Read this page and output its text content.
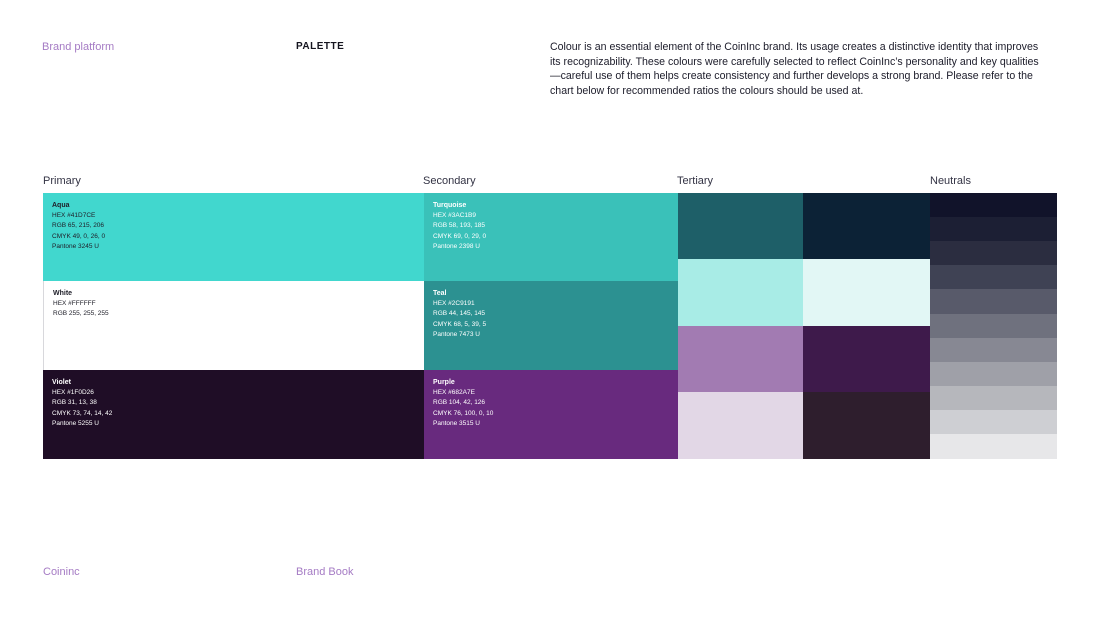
Brand platform	PALETTE	Colour is an essential element of the CoinInc brand. Its usage creates a distinctive identity that improves its recognizability. These colours were carefully selected to reflect CoinInc’s personality and key qualities—careful use of them helps create consistency and further develops a strong brand. Please refer to the chart below for recommended ratios the colours should be used at.
Primary	Secondary	Tertiary	Neutrals
Aqua
HEX #41D7CE
RGB 65, 215, 206
CMYK 49, 0, 26, 0
Pantone 3245 U
White
HEX #FFFFFF
RGB 255, 255, 255
Violet
HEX #1F0D26
RGB 31, 13, 38
CMYK 73, 74, 14, 42
Pantone 5255 U
Turquoise
HEX #3AC1B9
RGB 58, 193, 185
CMYK 69, 0, 29, 0
Pantone 2398 U
Teal
HEX #2C9191
RGB 44, 145, 145
CMYK 68, 5, 39, 5
Pantone 7473 U
Purple
HEX #682A7E
RGB 104, 42, 126
CMYK 76, 100, 0, 10
Pantone 3515 U
Coininc	Brand Book
